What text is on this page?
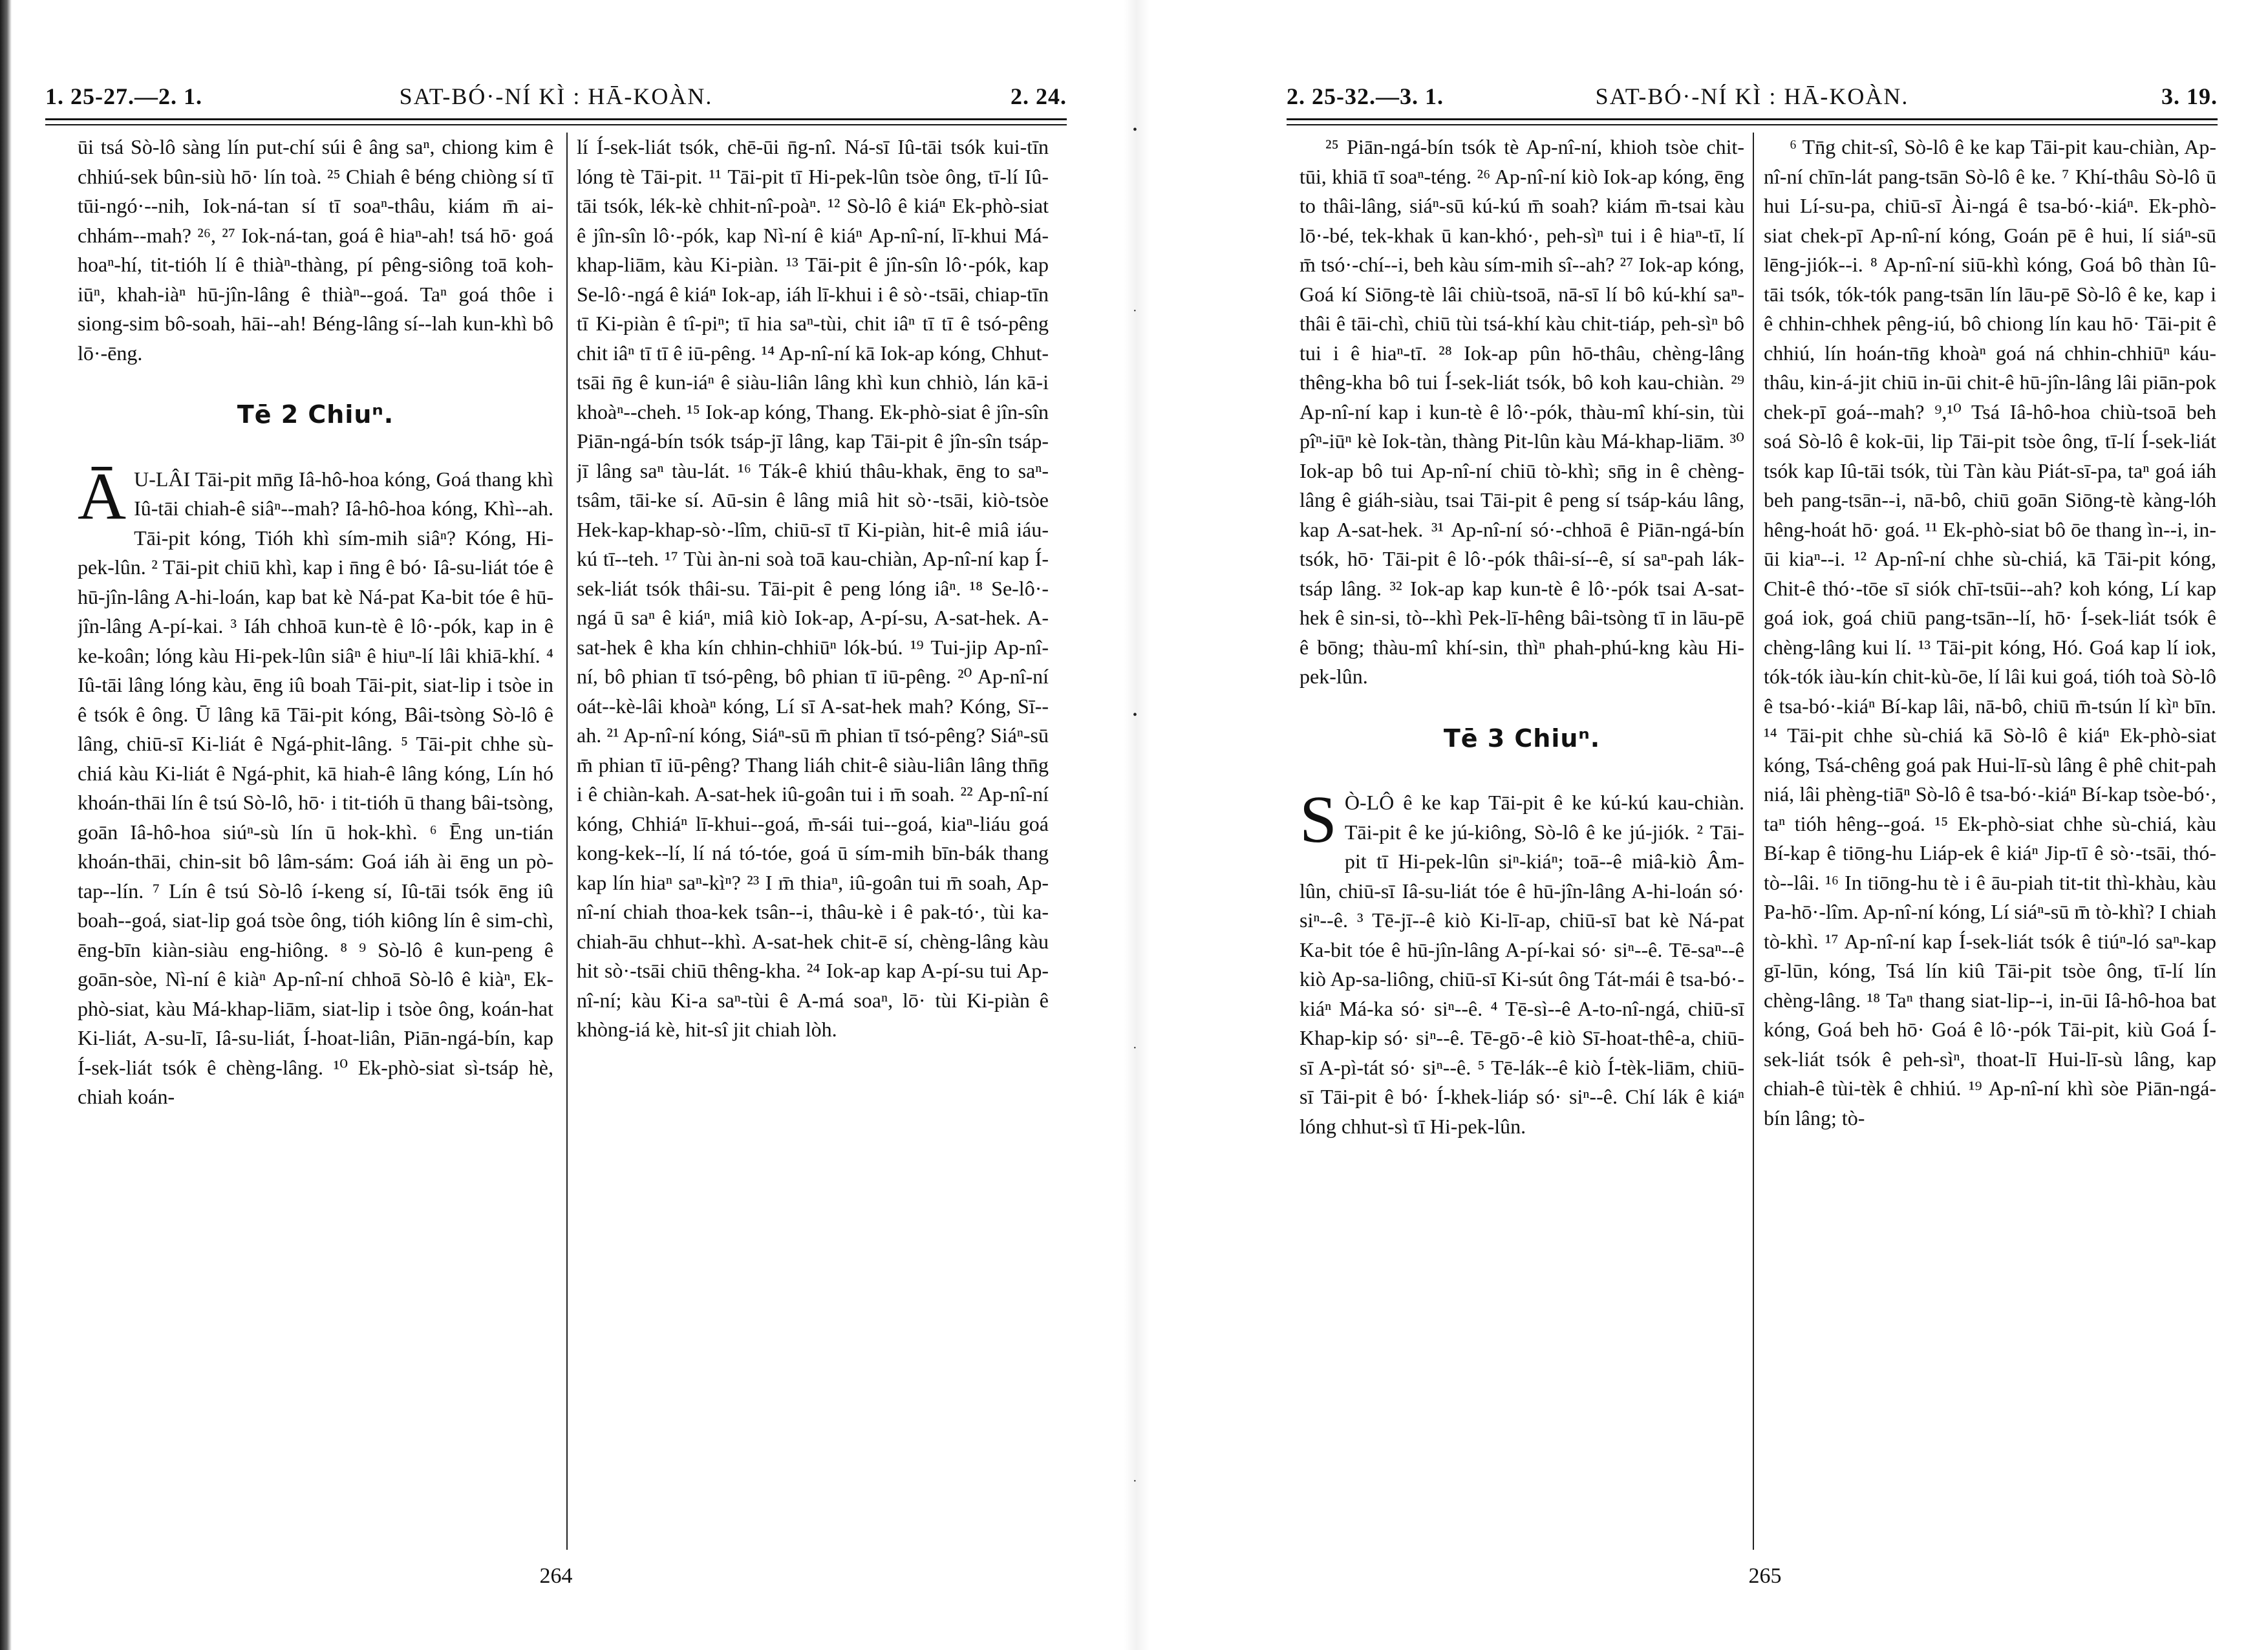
•
·
•
·
·
1. 25-27.—2. 1.	SAT-BÓ·-NÍ KÌ : HĀ-KOÀN.	2. 24.

ūi tsá Sò-lô sàng lín put-chí súi ê âng saⁿ, chiong kim ê chhiú-sek bûn-siù hō· lín toà. ²⁵ Chiah ê béng chiòng sí tī tūi-ngó·--nih, Iok-ná-tan sí tī soaⁿ-thâu, kiám m̄ ai-chhám--mah? ²⁶, ²⁷ Iok-ná-tan, goá ê hiaⁿ-ah! tsá hō· goá hoaⁿ-hí, tit-tióh lí ê thiàⁿ-thàng, pí pêng-siông toā koh-iūⁿ, khah-iàⁿ hū-jîn-lâng ê thiàⁿ--goá. Taⁿ goá thôe i siong-sim bô-soah, hāi--ah! Béng-lâng sí--lah kun-khì bô lō·-ēng.

Tē 2 Chiuⁿ.

Ā U-LÂI Tāi-pit mn̄g Iâ-hô-hoa kóng, Goá thang khì Iû-tāi chiah-ê siâⁿ--mah? Iâ-hô-hoa kóng, Khì--ah. Tāi-pit kóng, Tióh khì sím-mih siâⁿ? Kóng, Hi-pek-lûn. ² Tāi-pit chiū khì, kap i n̄ng ê bó· Iâ-su-liát tóe ê hū-jîn-lâng A-hi-loán, kap bat kè Ná-pat Ka-bit tóe ê hū-jîn-lâng A-pí-kai. ³ Iáh chhoā kun-tè ê lô·-pók, kap in ê ke-koân; lóng kàu Hi-pek-lûn siâⁿ ê hiuⁿ-lí lâi khiā-khí. ⁴ Iû-tāi lâng lóng kàu, ēng iû boah Tāi-pit, siat-lip i tsòe in ê tsók ê ông. Ū lâng kā Tāi-pit kóng, Bâi-tsòng Sò-lô ê lâng, chiū-sī Ki-liát ê Ngá-phit-lâng. ⁵ Tāi-pit chhe sù-chiá kàu Ki-liát ê Ngá-phit, kā hiah-ê lâng kóng, Lín hó khoán-thāi lín ê tsú Sò-lô, hō· i tit-tióh ū thang bâi-tsòng, goān Iâ-hô-hoa siúⁿ-sù lín ū hok-khì. ⁶ Ēng un-tián khoán-thāi, chin-sit bô lâm-sám: Goá iáh ài ēng un pò-tap--lín. ⁷ Lín ê tsú Sò-lô í-keng sí, Iû-tāi tsók ēng iû boah--goá, siat-lip goá tsòe ông, tióh kiông lín ê sim-chì, ēng-bīn kiàn-siàu eng-hiông. ⁸ ⁹ Sò-lô ê kun-peng ê goān-sòe, Nì-ní ê kiàⁿ Ap-nî-ní chhoā Sò-lô ê kiàⁿ, Ek-phò-siat, kàu Má-khap-liām, siat-lip i tsòe ông, koán-hat Ki-liát, A-su-lī, Iâ-su-liát, Í-hoat-liân, Piān-ngá-bín, kap Í-sek-liát tsók ê chèng-lâng. ¹⁰ Ek-phò-siat sì-tsáp hè, chiah koán-

lí Í-sek-liát tsók, chē-ūi n̄g-nî. Ná-sī Iû-tāi tsók kui-tīn lóng tè Tāi-pit. ¹¹ Tāi-pit tī Hi-pek-lûn tsòe ông, tī-lí Iû-tāi tsók, lék-kè chhit-nî-poàⁿ. ¹² Sò-lô ê kiáⁿ Ek-phò-siat ê jîn-sîn lô·-pók, kap Nì-ní ê kiáⁿ Ap-nî-ní, lī-khui Má-khap-liām, kàu Ki-piàn. ¹³ Tāi-pit ê jîn-sîn lô·-pók, kap Se-lô·-ngá ê kiáⁿ Iok-ap, iáh lī-khui i ê sò·-tsāi, chiap-tīn tī Ki-piàn ê tî-piⁿ; tī hia saⁿ-tùi, chit iâⁿ tī tī ê tsó-pêng chit iâⁿ tī tī ê iū-pêng. ¹⁴ Ap-nî-ní kā Iok-ap kóng, Chhut-tsāi n̄g ê kun-iáⁿ ê siàu-liân lâng khì kun chhiò, lán kā-i khoàⁿ--cheh. ¹⁵ Iok-ap kóng, Thang. Ek-phò-siat ê jîn-sîn Piān-ngá-bín tsók tsáp-jī lâng, kap Tāi-pit ê jîn-sîn tsáp-jī lâng saⁿ tàu-lát. ¹⁶ Ták-ê khiú thâu-khak, ēng to saⁿ-tsâm, tāi-ke sí. Aū-sin ê lâng miâ hit sò·-tsāi, kiò-tsòe Hek-kap-khap-sò·-lîm, chiū-sī tī Ki-piàn, hit-ê miâ iáu-kú tī--teh. ¹⁷ Tùi àn-ni soà toā kau-chiàn, Ap-nî-ní kap Í-sek-liát tsók thâi-su. Tāi-pit ê peng lóng iâⁿ. ¹⁸ Se-lô·-ngá ū saⁿ ê kiáⁿ, miâ kiò Iok-ap, A-pí-su, A-sat-hek. A-sat-hek ê kha kín chhin-chhiūⁿ lók-bú. ¹⁹ Tui-jip Ap-nî-ní, bô phian tī tsó-pêng, bô phian tī iū-pêng. ²⁰ Ap-nî-ní oát--kè-lâi khoàⁿ kóng, Lí sī A-sat-hek mah? Kóng, Sī--ah. ²¹ Ap-nî-ní kóng, Siáⁿ-sū m̄ phian tī tsó-pêng? Siáⁿ-sū m̄ phian tī iū-pêng? Thang liáh chit-ê siàu-liân lâng thn̄g i ê chiàn-kah. A-sat-hek iû-goân tui i m̄ soah. ²² Ap-nî-ní kóng, Chhiáⁿ lī-khui--goá, m̄-sái tui--goá, kiaⁿ-liáu goá kong-kek--lí, lí ná tó-tóe, goá ū sím-mih bīn-bák thang kap lín hiaⁿ saⁿ-kìⁿ? ²³ I m̄ thiaⁿ, iû-goân tui m̄ soah, Ap-nî-ní chiah thoa-kek tsân--i, thâu-kè i ê pak-tó·, tùi ka-chiah-āu chhut--khì. A-sat-hek chit-ē sí, chèng-lâng kàu hit sò·-tsāi chiū thêng-kha. ²⁴ Iok-ap kap A-pí-su tui Ap-nî-ní; kàu Ki-a saⁿ-tùi ê A-má soaⁿ, lō· tùi Ki-piàn ê khòng-iá kè, hit-sî jit chiah lòh.

264
2. 25-32.—3. 1.	SAT-BÓ·-NÍ KÌ : HĀ-KOÀN.	3. 19.

²⁵ Piān-ngá-bín tsók tè Ap-nî-ní, khioh tsòe chit-tūi, khiā tī soaⁿ-téng. ²⁶ Ap-nî-ní kiò Iok-ap kóng, ēng to thâi-lâng, siáⁿ-sū kú-kú m̄ soah? kiám m̄-tsai kàu lō·-bé, tek-khak ū kan-khó·, peh-sìⁿ tui i ê hiaⁿ-tī, lí m̄ tsó·-chí--i, beh kàu sím-mih sî--ah? ²⁷ Iok-ap kóng, Goá kí Siōng-tè lâi chiù-tsoā, nā-sī lí bô kú-khí saⁿ-thâi ê tāi-chì, chiū tùi tsá-khí kàu chit-tiáp, peh-sìⁿ bô tui i ê hiaⁿ-tī. ²⁸ Iok-ap pûn hō-thâu, chèng-lâng thêng-kha bô tui Í-sek-liát tsók, bô koh kau-chiàn. ²⁹ Ap-nî-ní kap i kun-tè ê lô·-pók, thàu-mî khí-sin, tùi pîⁿ-iūⁿ kè Iok-tàn, thàng Pit-lûn kàu Má-khap-liām. ³⁰ Iok-ap bô tui Ap-nî-ní chiū tò-khì; sn̄g in ê chèng-lâng ê giáh-siàu, tsai Tāi-pit ê peng sí tsáp-káu lâng, kap A-sat-hek. ³¹ Ap-nî-ní só·-chhoā ê Piān-ngá-bín tsók, hō· Tāi-pit ê lô·-pók thâi-sí--ê, sí saⁿ-pah lák-tsáp lâng. ³² Iok-ap kap kun-tè ê lô·-pók tsai A-sat-hek ê sin-si, tò--khì Pek-lī-hêng bâi-tsòng tī in lāu-pē ê bōng; thàu-mî khí-sin, thìⁿ phah-phú-kng kàu Hi-pek-lûn.

Tē 3 Chiuⁿ.

S Ò-LÔ ê ke kap Tāi-pit ê ke kú-kú kau-chiàn. Tāi-pit ê ke jú-kiông, Sò-lô ê ke jú-jiók. ² Tāi-pit tī Hi-pek-lûn siⁿ-kiáⁿ; toā--ê miâ-kiò Âm-lûn, chiū-sī Iâ-su-liát tóe ê hū-jîn-lâng A-hi-loán só· siⁿ--ê. ³ Tē-jī--ê kiò Ki-lī-ap, chiū-sī bat kè Ná-pat Ka-bit tóe ê hū-jîn-lâng A-pí-kai só· siⁿ--ê. Tē-saⁿ--ê kiò Ap-sa-liông, chiū-sī Ki-sút ông Tát-mái ê tsa-bó·-kiáⁿ Má-ka só· siⁿ--ê. ⁴ Tē-sì--ê A-to-nî-ngá, chiū-sī Khap-kip só· siⁿ--ê. Tē-gō·-ê kiò Sī-hoat-thê-a, chiū-sī A-pì-tát só· siⁿ--ê. ⁵ Tē-lák--ê kiò Í-tèk-liām, chiū-sī Tāi-pit ê bó· Í-khek-liáp só· siⁿ--ê. Chí lák ê kiáⁿ lóng chhut-sì tī Hi-pek-lûn.

⁶ Tn̄g chit-sî, Sò-lô ê ke kap Tāi-pit kau-chiàn, Ap-nî-ní chīn-lát pang-tsān Sò-lô ê ke. ⁷ Khí-thâu Sò-lô ū hui Lí-su-pa, chiū-sī Ài-ngá ê tsa-bó·-kiáⁿ. Ek-phò-siat chek-pī Ap-nî-ní kóng, Goán pē ê hui, lí siáⁿ-sū lēng-jiók--i. ⁸ Ap-nî-ní siū-khì kóng, Goá bô thàn Iû-tāi tsók, tók-tók pang-tsān lín lāu-pē Sò-lô ê ke, kap i ê chhin-chhek pêng-iú, bô chiong lín kau hō· Tāi-pit ê chhiú, lín hoán-tn̄g khoàⁿ goá ná chhin-chhiūⁿ káu-thâu, kin-á-jit chiū in-ūi chit-ê hū-jîn-lâng lâi piān-pok chek-pī goá--mah? ⁹,¹⁰ Tsá Iâ-hô-hoa chiù-tsoā beh soá Sò-lô ê kok-ūi, lip Tāi-pit tsòe ông, tī-lí Í-sek-liát tsók kap Iû-tāi tsók, tùi Tàn kàu Piát-sī-pa, taⁿ goá iáh beh pang-tsān--i, nā-bô, chiū goān Siōng-tè kàng-lóh hêng-hoát hō· goá. ¹¹ Ek-phò-siat bô ōe thang ìn--i, in-ūi kiaⁿ--i. ¹² Ap-nî-ní chhe sù-chiá, kā Tāi-pit kóng, Chit-ê thó·-tōe sī siók chī-tsūi--ah? koh kóng, Lí kap goá iok, goá chiū pang-tsān--lí, hō· Í-sek-liát tsók ê chèng-lâng kui lí. ¹³ Tāi-pit kóng, Hó. Goá kap lí iok, tók-tók iàu-kín chit-kù-ōe, lí lâi kui goá, tióh toà Sò-lô ê tsa-bó·-kiáⁿ Bí-kap lâi, nā-bô, chiū m̄-tsún lí kìⁿ bīn. ¹⁴ Tāi-pit chhe sù-chiá kā Sò-lô ê kiáⁿ Ek-phò-siat kóng, Tsá-chêng goá pak Hui-lī-sù lâng ê phê chit-pah niá, lâi phèng-tiāⁿ Sò-lô ê tsa-bó·-kiáⁿ Bí-kap tsòe-bó·, taⁿ tióh hêng--goá. ¹⁵ Ek-phò-siat chhe sù-chiá, kàu Bí-kap ê tiōng-hu Liáp-ek ê kiáⁿ Jip-tī ê sò·-tsāi, thó-tò--lâi. ¹⁶ In tiōng-hu tè i ê āu-piah tit-tit thì-khàu, kàu Pa-hō·-lîm. Ap-nî-ní kóng, Lí siáⁿ-sū m̄ tò-khì? I chiah tò-khì. ¹⁷ Ap-nî-ní kap Í-sek-liát tsók ê tiúⁿ-ló saⁿ-kap gī-lūn, kóng, Tsá lín kiû Tāi-pit tsòe ông, tī-lí lín chèng-lâng. ¹⁸ Taⁿ thang siat-lip--i, in-ūi Iâ-hô-hoa bat kóng, Goá beh hō· Goá ê lô·-pók Tāi-pit, kiù Goá Í-sek-liát tsók ê peh-sìⁿ, thoat-lī Hui-lī-sù lâng, kap chiah-ê tùi-tèk ê chhiú. ¹⁹ Ap-nî-ní khì sòe Piān-ngá-bín lâng; tò-

265
